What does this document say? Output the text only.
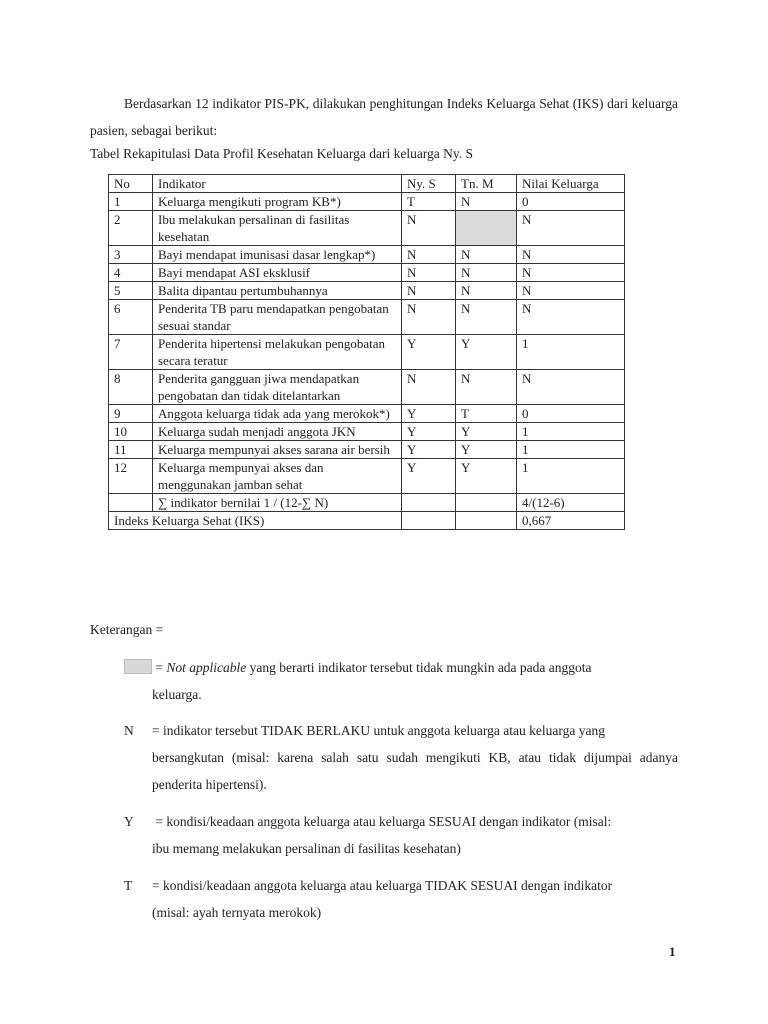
Berdasarkan 12 indikator PIS-PK, dilakukan penghitungan Indeks Keluarga Sehat (IKS) dari keluarga pasien, sebagai berikut:

Tabel Rekapitulasi Data Profil Kesehatan Keluarga dari keluarga Ny. S
No	Indikator	Ny. S	Tn. M	Nilai Keluarga
1	Keluarga mengikuti program KB*)	T	N	0
2	Ibu melakukan persalinan di fasilitas kesehatan	N		N
3	Bayi mendapat imunisasi dasar lengkap*)	N	N	N
4	Bayi mendapat ASI eksklusif	N	N	N
5	Balita dipantau pertumbuhannya	N	N	N
6	Penderita TB paru mendapatkan pengobatan sesuai standar	N	N	N
7	Penderita hipertensi melakukan pengobatan secara teratur	Y	Y	1
8	Penderita gangguan jiwa mendapatkan pengobatan dan tidak ditelantarkan	N	N	N
9	Anggota keluarga tidak ada yang merokok*)	Y	T	0
10	Keluarga sudah menjadi anggota JKN	Y	Y	1
11	Keluarga mempunyai akses sarana air bersih	Y	Y	1
12	Keluarga mempunyai akses dan menggunakan jamban sehat	Y	Y	1
	∑ indikator bernilai 1 / (12-∑ N)			4/(12-6)
Indeks Keluarga Sehat (IKS)				0,667
Keterangan =
= Not applicable yang berarti indikator tersebut tidak mungkin ada pada anggota
keluarga.
N = indikator tersebut TIDAK BERLAKU untuk anggota keluarga atau keluarga yang
bersangkutan (misal: karena salah satu sudah mengikuti KB, atau tidak dijumpai adanya penderita hipertensi).
Y = kondisi/keadaan anggota keluarga atau keluarga SESUAI dengan indikator (misal:
ibu memang melakukan persalinan di fasilitas kesehatan)
T = kondisi/keadaan anggota keluarga atau keluarga TIDAK SESUAI dengan indikator
(misal: ayah ternyata merokok)
1
